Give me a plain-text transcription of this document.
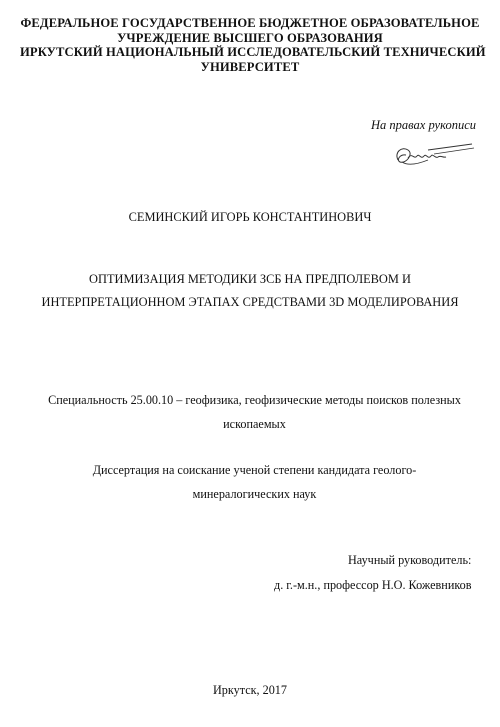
ФЕДЕРАЛЬНОЕ ГОСУДАРСТВЕННОЕ БЮДЖЕТНОЕ ОБРАЗОВАТЕЛЬНОЕ
УЧРЕЖДЕНИЕ ВЫСШЕГО ОБРАЗОВАНИЯ
ИРКУТСКИЙ НАЦИОНАЛЬНЫЙ ИССЛЕДОВАТЕЛЬСКИЙ ТЕХНИЧЕСКИЙ
УНИВЕРСИТЕТ
На правах рукописи
СЕМИНСКИЙ ИГОРЬ КОНСТАНТИНОВИЧ
ОПТИМИЗАЦИЯ МЕТОДИКИ ЗСБ НА ПРЕДПОЛЕВОМ И
ИНТЕРПРЕТАЦИОННОМ ЭТАПАХ СРЕДСТВАМИ 3D МОДЕЛИРОВАНИЯ
Специальность 25.00.10 – геофизика, геофизические методы поисков полезных
ископаемых
Диссертация на соискание ученой степени кандидата геолого-
минералогических наук
Научный руководитель:
д. г.-м.н., профессор Н.О. Кожевников
Иркутск, 2017
